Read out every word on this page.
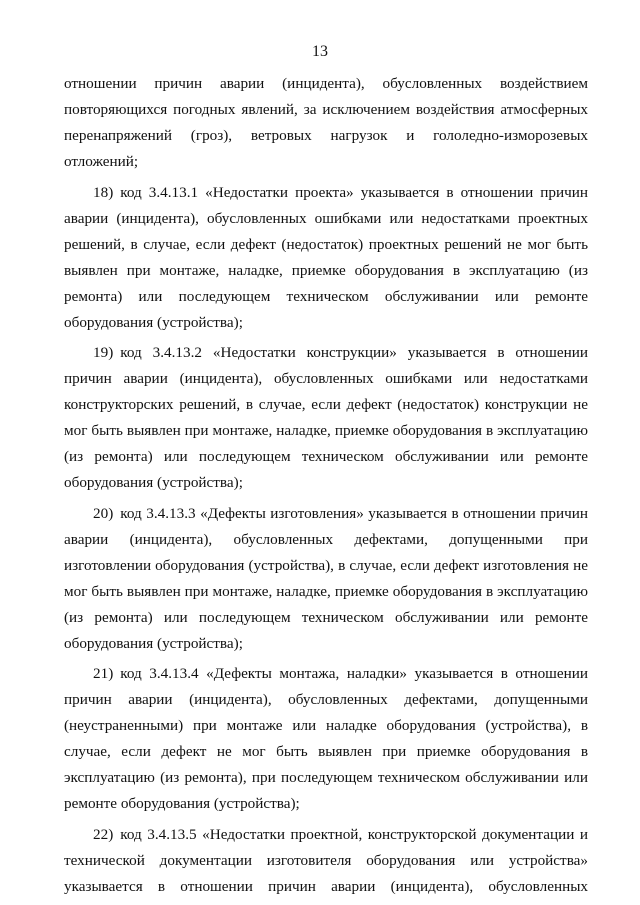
13

отношении причин аварии (инцидента), обусловленных воздействием повторяющихся погодных явлений, за исключением воздействия атмосферных перенапряжений (гроз), ветровых нагрузок и гололедно-изморозевых отложений;

18) код 3.4.13.1 «Недостатки проекта» указывается в отношении причин аварии (инцидента), обусловленных ошибками или недостатками проектных решений, в случае, если дефект (недостаток) проектных решений не мог быть выявлен при монтаже, наладке, приемке оборудования в эксплуатацию (из ремонта) или последующем техническом обслуживании или ремонте оборудования (устройства);

19) код 3.4.13.2 «Недостатки конструкции» указывается в отношении причин аварии (инцидента), обусловленных ошибками или недостатками конструкторских решений, в случае, если дефект (недостаток) конструкции не мог быть выявлен при монтаже, наладке, приемке оборудования в эксплуатацию (из ремонта) или последующем техническом обслуживании или ремонте оборудования (устройства);

20) код 3.4.13.3 «Дефекты изготовления» указывается в отношении причин аварии (инцидента), обусловленных дефектами, допущенными при изготовлении оборудования (устройства), в случае, если дефект изготовления не мог быть выявлен при монтаже, наладке, приемке оборудования в эксплуатацию (из ремонта) или последующем техническом обслуживании или ремонте оборудования (устройства);

21) код 3.4.13.4 «Дефекты монтажа, наладки» указывается в отношении причин аварии (инцидента), обусловленных дефектами, допущенными (неустраненными) при монтаже или наладке оборудования (устройства), в случае, если дефект не мог быть выявлен при приемке оборудования в эксплуатацию (из ремонта), при последующем техническом обслуживании или ремонте оборудования (устройства);

22) код 3.4.13.5 «Недостатки проектной, конструкторской документации и технической документации изготовителя оборудования или устройства» указывается в отношении причин аварии (инцидента), обусловленных
